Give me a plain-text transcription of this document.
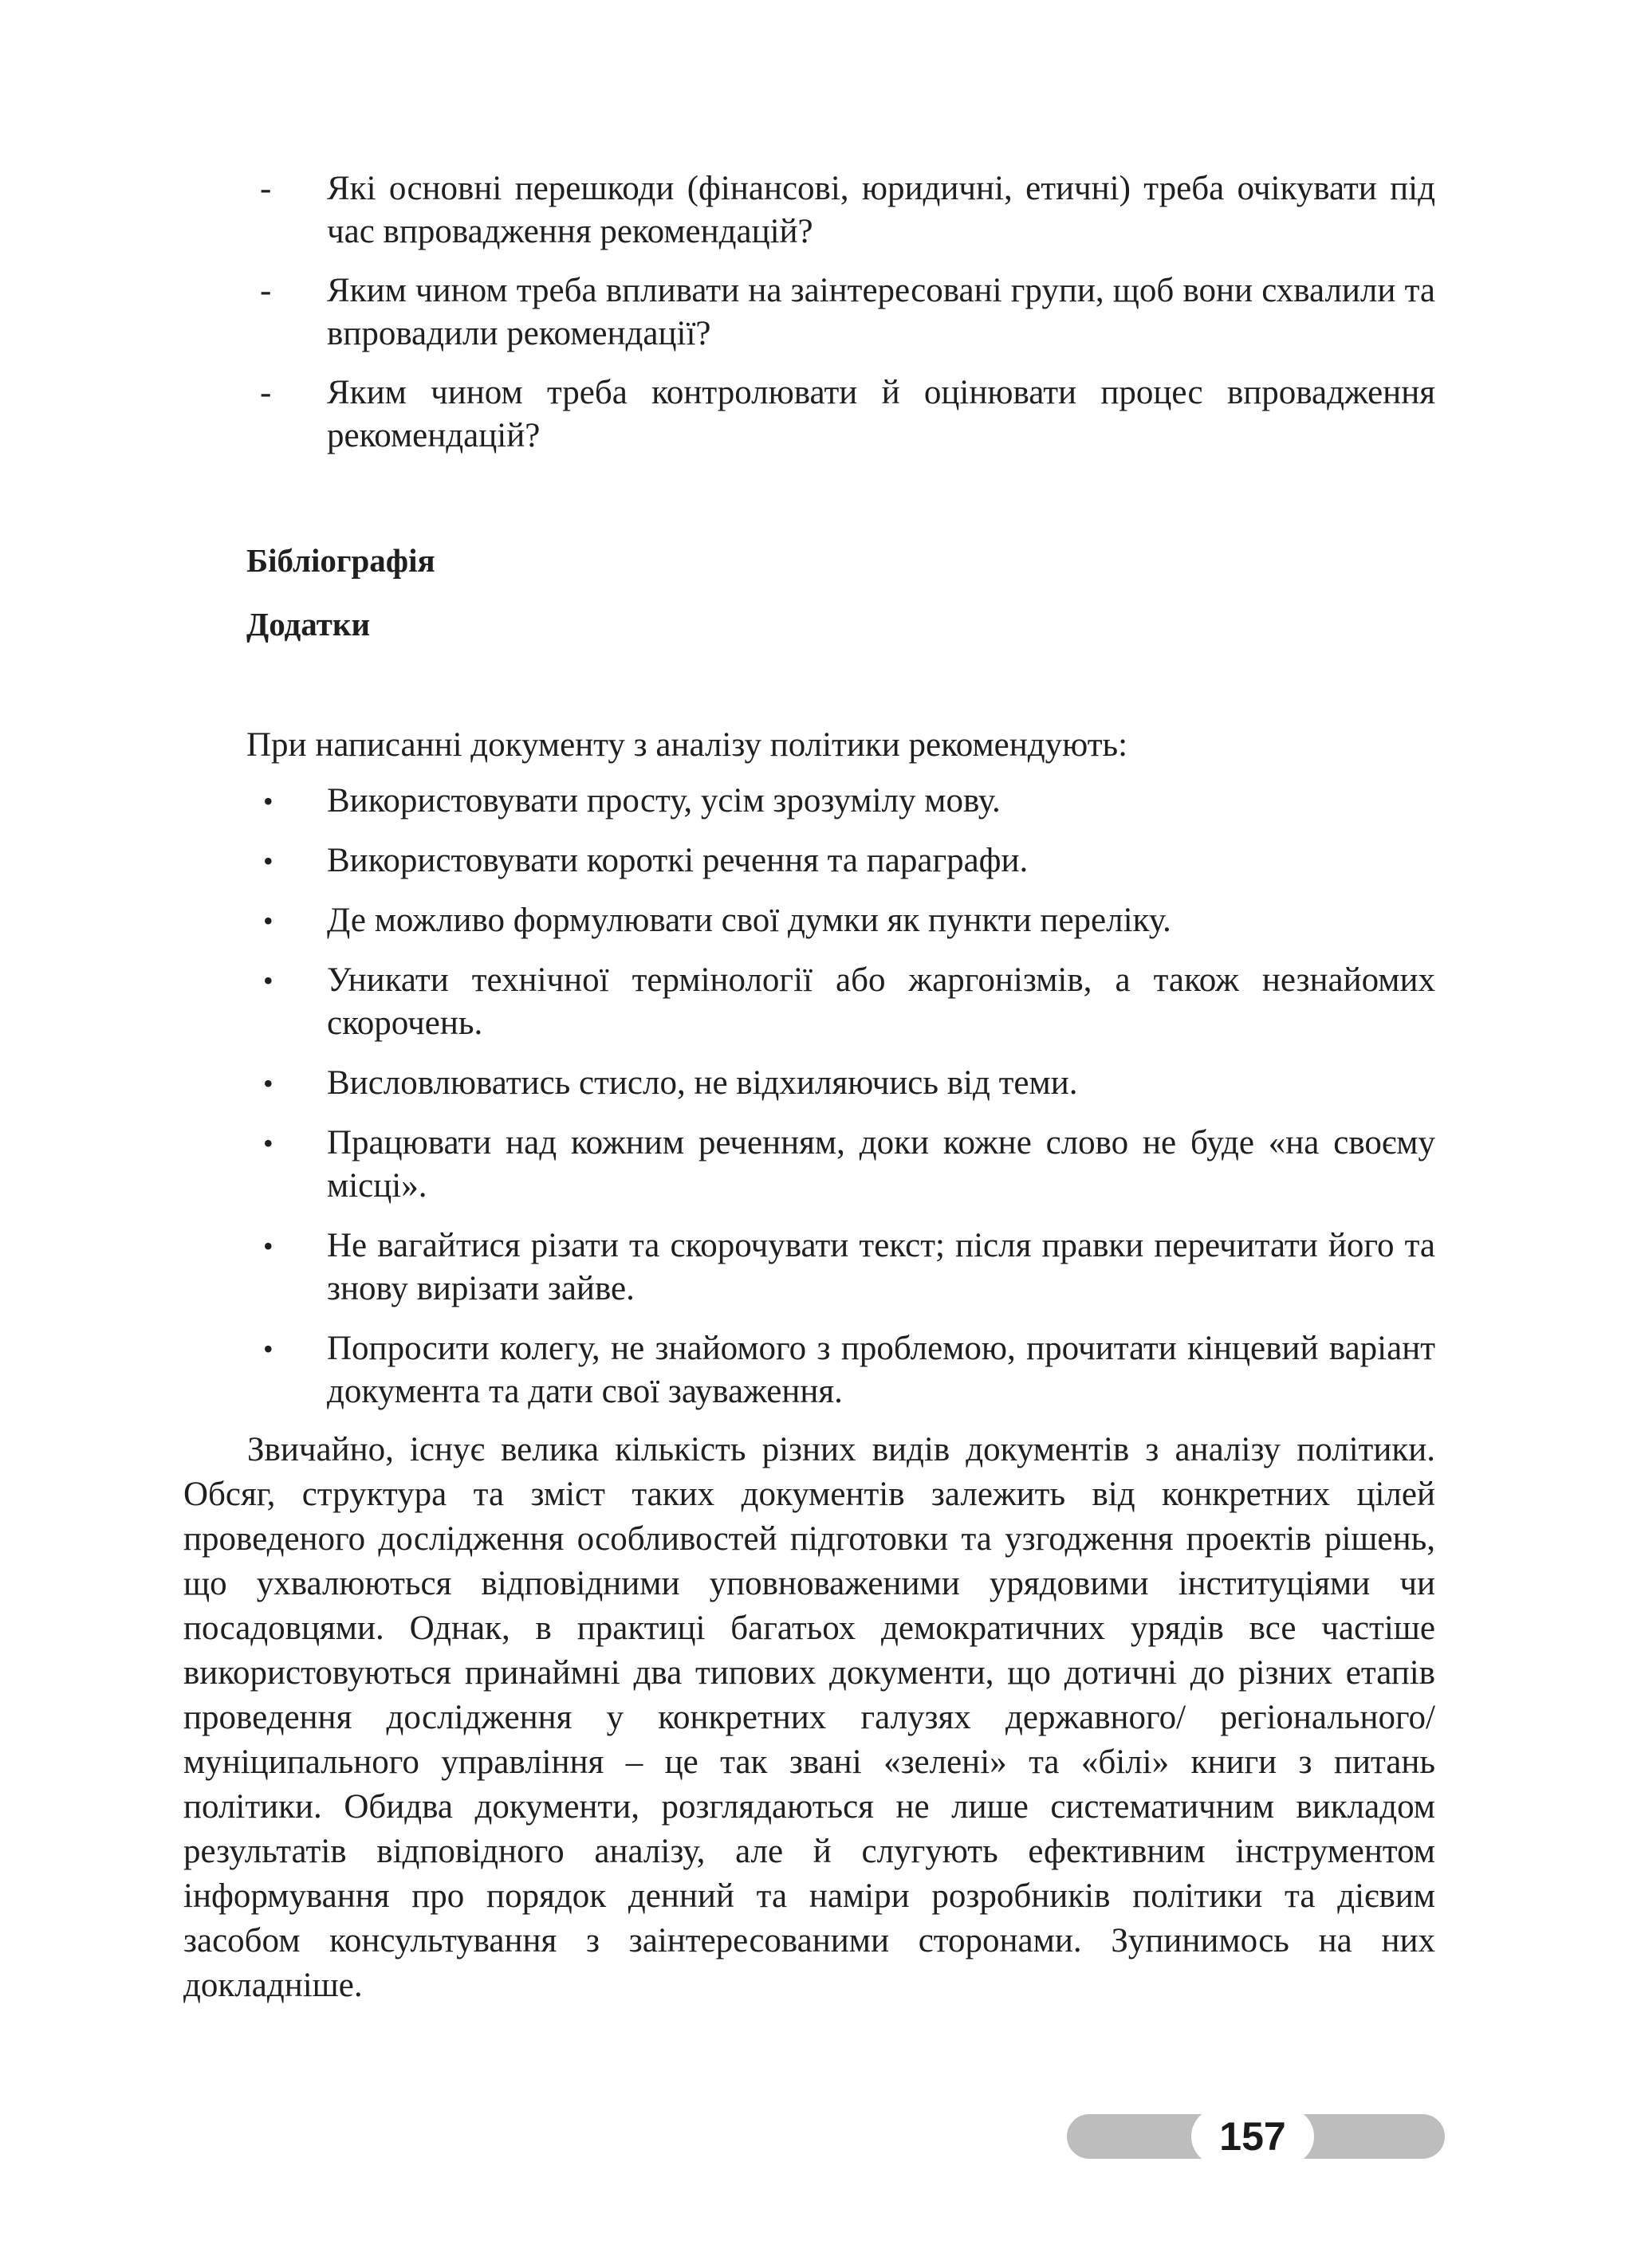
- Які основні перешкоди (фінансові, юридичні, етичні) треба очікувати під час впровадження рекомендацій?
- Яким чином треба впливати на заінтересовані групи, щоб вони схвалили та впровадили рекомендації?
- Яким чином треба контролювати й оцінювати процес впровадження рекомендацій?
Бібліографія
Додатки
При написанні документу з аналізу політики рекомендують:
• Використовувати просту, усім зрозумілу мову.
• Використовувати короткі речення та параграфи.
• Де можливо формулювати свої думки як пункти переліку.
• Уникати технічної термінології або жаргонізмів, а також незнайомих скорочень.
• Висловлюватись стисло, не відхиляючись від теми.
• Працювати над кожним реченням, доки кожне слово не буде «на своєму місці».
• Не вагайтися різати та скорочувати текст; після правки перечитати його та знову вирізати зайве.
• Попросити колегу, не знайомого з проблемою, прочитати кінцевий варіант документа та дати свої зауваження.

Звичайно, існує велика кількість різних видів документів з аналізу політики. Обсяг, структура та зміст таких документів залежить від конкретних цілей проведеного дослідження особливостей підготовки та узгодження проектів рішень, що ухвалюються відповідними уповноваженими урядовими інституціями чи посадовцями. Однак, в практиці багатьох демократичних урядів все частіше використовуються принаймні два типових документи, що дотичні до різних етапів проведення дослідження у конкретних галузях державного/ регіонального/ муніципального управління – це так звані «зелені» та «білі» книги з питань політики. Обидва документи, розглядаються не лише систематичним викладом результатів відповідного аналізу, але й слугують ефективним інструментом інформування про порядок денний та наміри розробників політики та дієвим засобом консультування з заінтересованими сторонами. Зупинимось на них докладніше.

157
